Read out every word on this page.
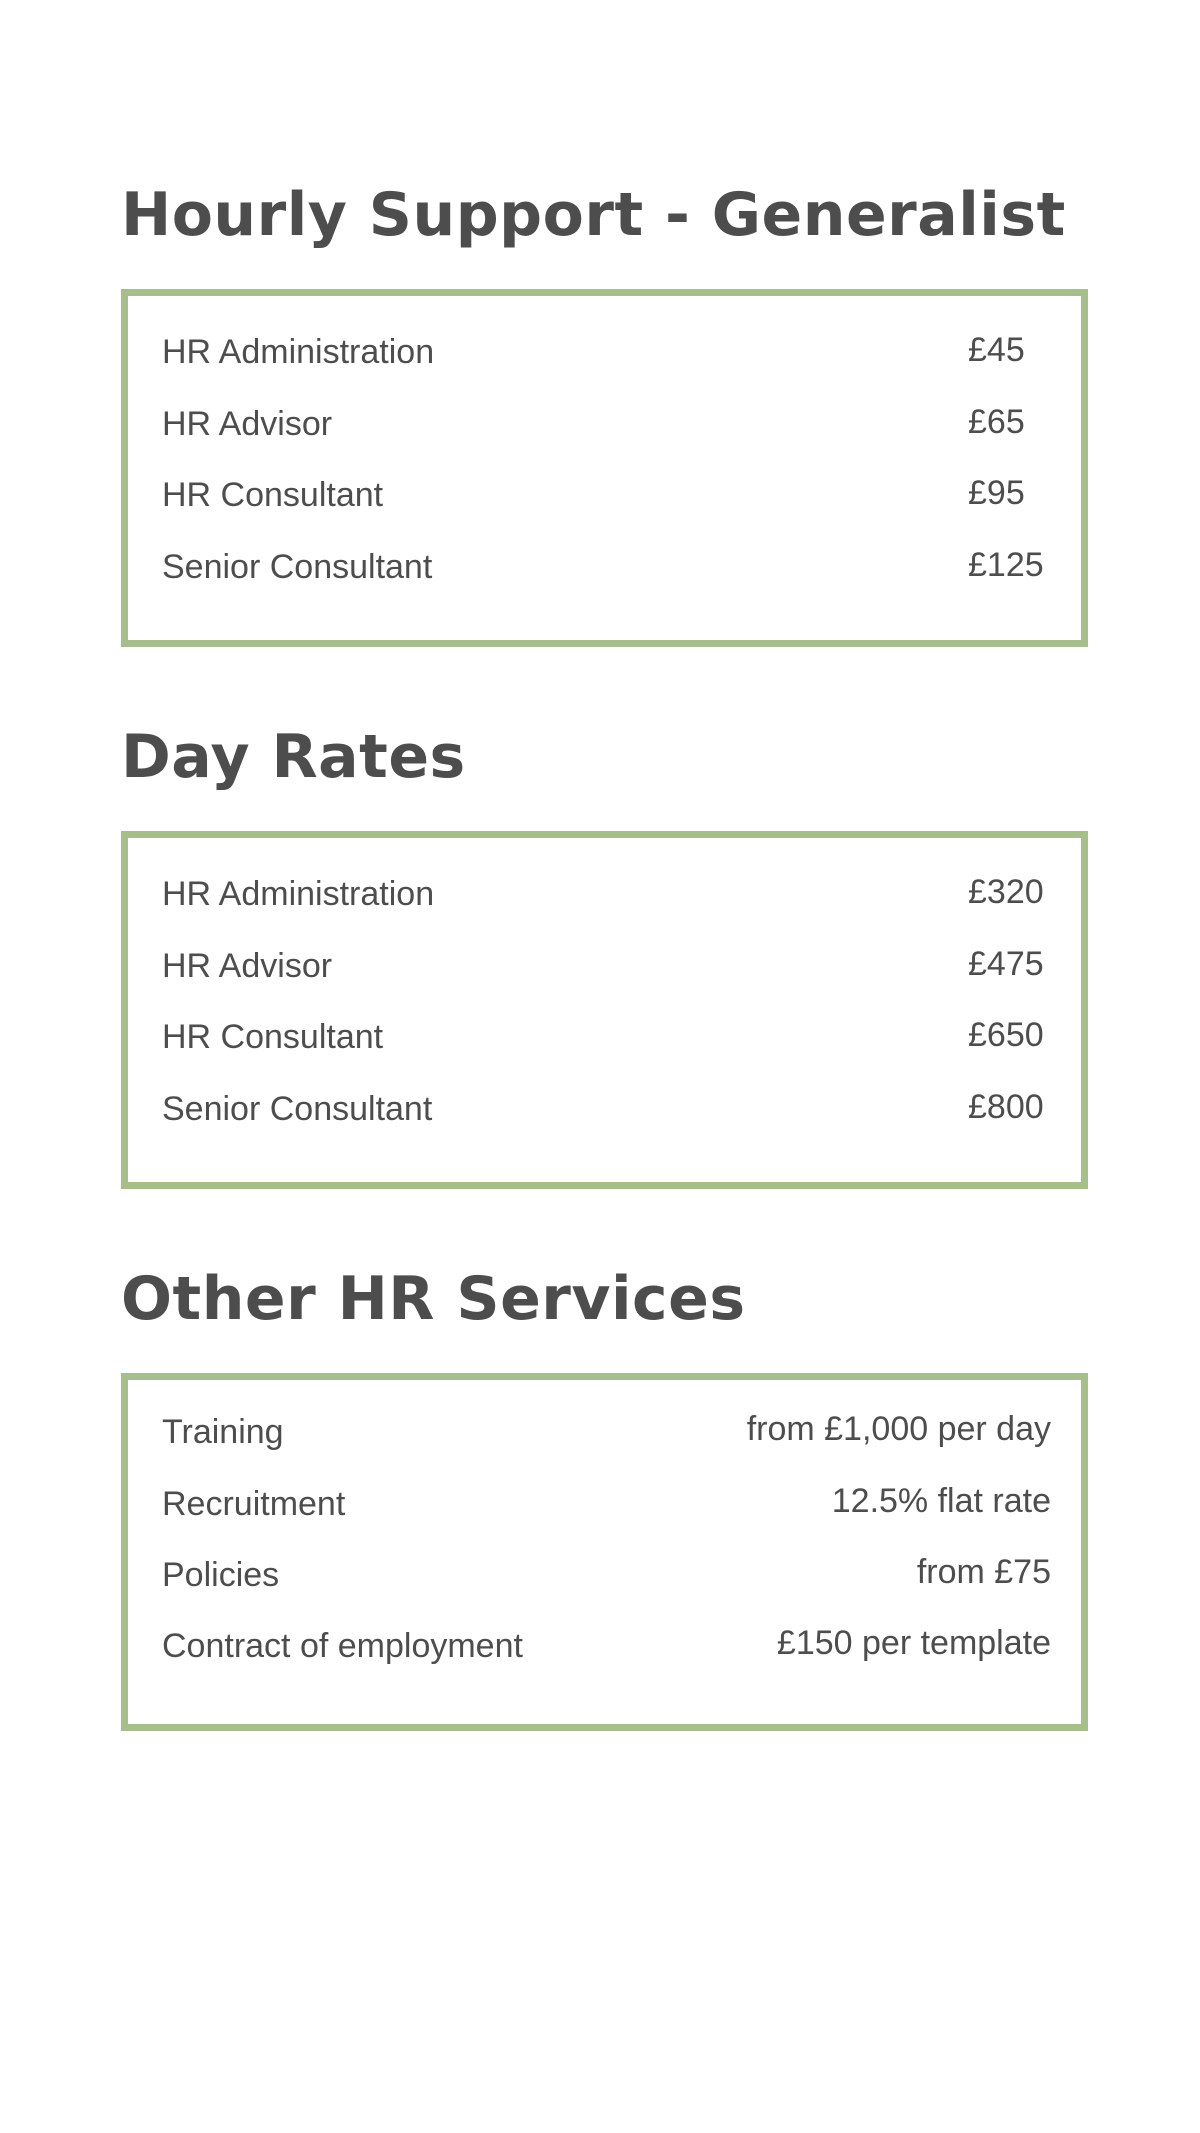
Hourly Support - Generalist
HR Administration	£45
HR Advisor	£65
HR Consultant	£95
Senior Consultant	£125
Day Rates
HR Administration	£320
HR Advisor	£475
HR Consultant	£650
Senior Consultant	£800
Other HR Services
Training	from £1,000 per day
Recruitment	12.5% flat rate
Policies	from £75
Contract of employment	£150 per template
